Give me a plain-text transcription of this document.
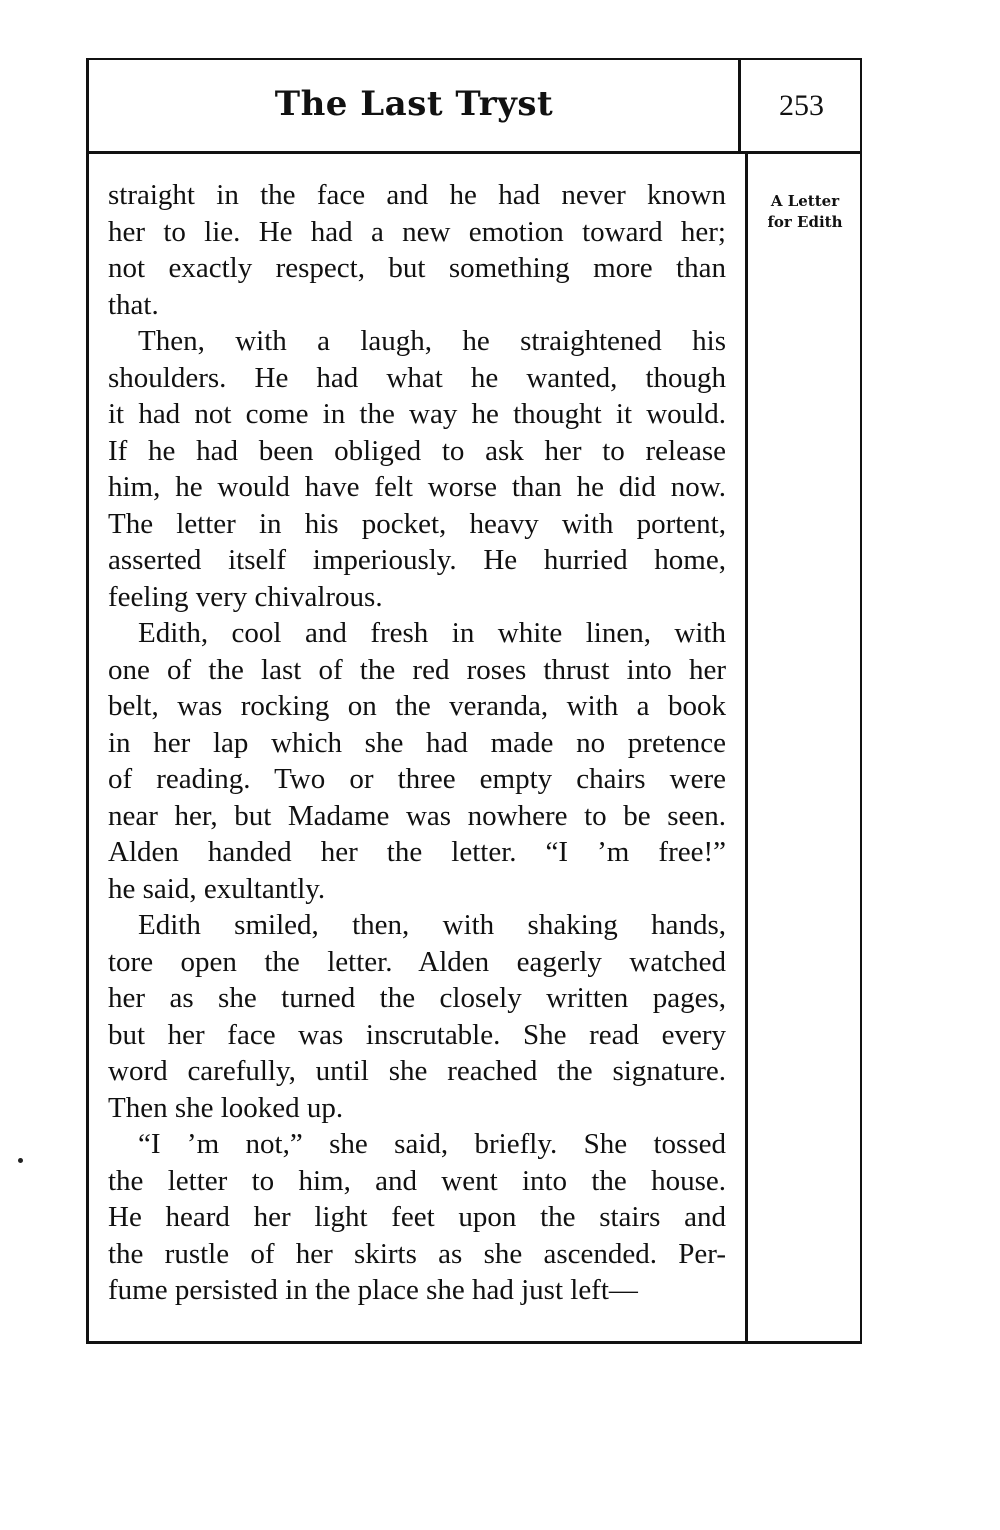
The Last Tryst	253
A Letter
for Edith
straight in the face and he had never known
her to lie. He had a new emotion toward her;
not exactly respect, but something more than
that.
Then, with a laugh, he straightened his
shoulders. He had what he wanted, though
it had not come in the way he thought it would.
If he had been obliged to ask her to release
him, he would have felt worse than he did now.
The letter in his pocket, heavy with portent,
asserted itself imperiously. He hurried home,
feeling very chivalrous.
Edith, cool and fresh in white linen, with
one of the last of the red roses thrust into her
belt, was rocking on the veranda, with a book
in her lap which she had made no pretence
of reading. Two or three empty chairs were
near her, but Madame was nowhere to be seen.
Alden handed her the letter. “I ’m free!”
he said, exultantly.
Edith smiled, then, with shaking hands,
tore open the letter. Alden eagerly watched
her as she turned the closely written pages,
but her face was inscrutable. She read every
word carefully, until she reached the signature.
Then she looked up.
“I ’m not,” she said, briefly. She tossed
the letter to him, and went into the house.
He heard her light feet upon the stairs and
the rustle of her skirts as she ascended. Per-
fume persisted in the place she had just left—
